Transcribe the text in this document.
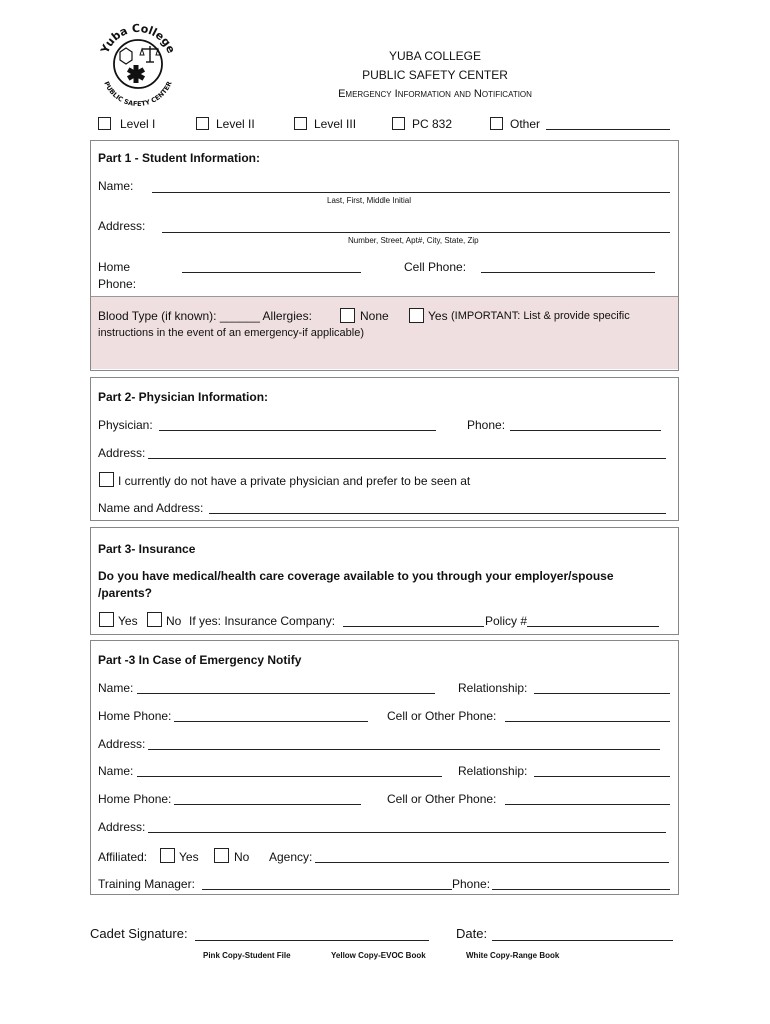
Yuba College
PUBLIC SAFETY CENTER
YUBA COLLEGE
PUBLIC SAFETY CENTER
Emergency Information and Notification
Level I	Level II	Level III	PC 832	Other
Part 1 - Student Information:
Name:
Last, First, Middle Initial
Address:
Number, Street, Apt#, City, State, Zip
Home
Phone:
Cell Phone:
Blood Type (if known): ______ Allergies:	None	Yes (IMPORTANT: List & provide specific
instructions in the event of an emergency-if applicable)
Part 2- Physician Information:
Physician:	Phone:
Address:
I currently do not have a private physician and prefer to be seen at
Name and Address:
Part 3- Insurance
Do you have medical/health care coverage available to you through your employer/spouse
/parents?
Yes No If yes: Insurance Company:	Policy #
Part -3 In Case of Emergency Notify
Name:	Relationship:
Home Phone:	Cell or Other Phone:
Address:
Name:	Relationship:
Home Phone:	Cell or Other Phone:
Address:
Affiliated:	Yes	No Agency:
Training Manager:	Phone:
Cadet Signature:	Date:
Pink Copy-Student File	Yellow Copy-EVOC Book	White Copy-Range Book
